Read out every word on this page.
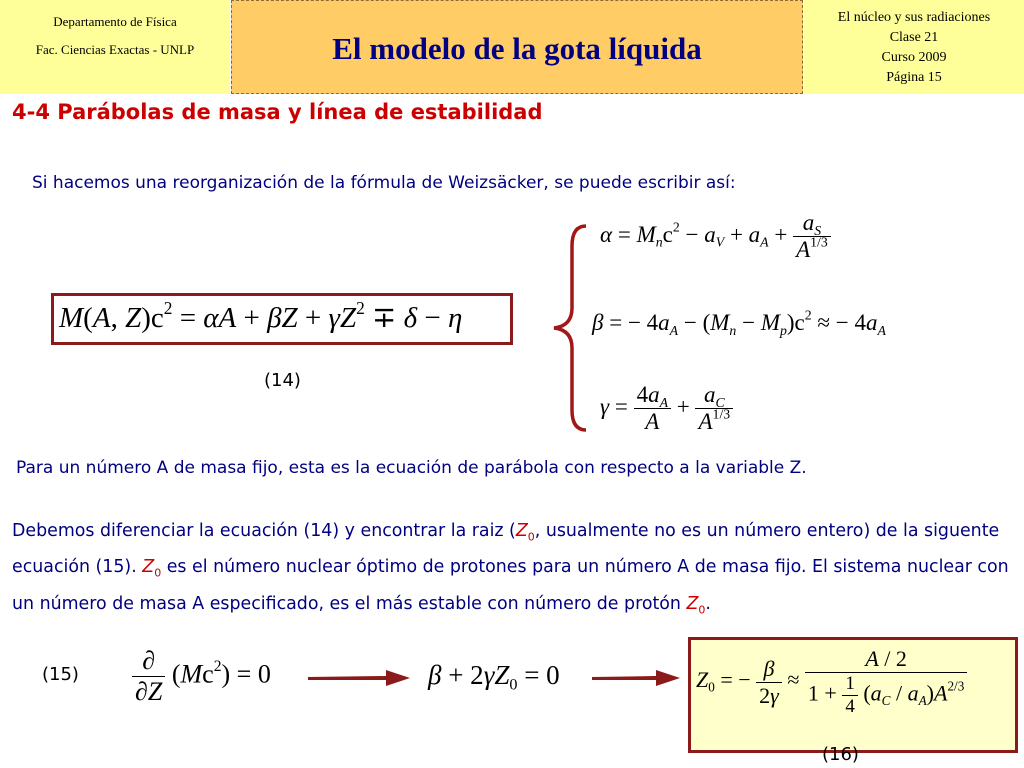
Departamento de Física
Fac. Ciencias Exactas - UNLP	El modelo de la gota líquida
El núcleo y sus radiaciones
Clase 21
Curso 2009
Página 15
4-4 Parábolas de masa y línea de estabilidad
Si hacemos una reorganización de la fórmula de Weizsäcker, se puede escribir así:
M(A, $Z)c^2 = \alpha A + \beta Z + \gamma Z^2 \mp \delta - \eta$
(14)
$\alpha = M_nc^2 - a_V + a_A + \frac{a_S}{A^{1/3}}$
β = − $4a_A - (M_n - M_p)c^2$ ≈ − $4a_A$
$\gamma = \frac{4a_A}{A} + \frac{a_C}{A^{1/3}}$
Para un número A de masa fijo, esta es la ecuación de parábola con respecto a la variable Z.
Debemos diferenciar la ecuación (14) y encontrar la raiz ($Z_0$, usualmente no es un número entero) de la siguente ecuación (15). $Z_0$ es el número nuclear óptimo de protones para un número A de masa fijo. El sistema nuclear con un número de masa A especificado, es el más estable con número de protón $Z_0$.
$(15) \frac{\partial}{\partial Z} (Mc^2) = 0$	$\beta + 2\gamma Z_0 = 0$	$Z_0$ = − $\frac{\beta}{2\gamma} \approx \frac{A / 2}{1 + \frac{1}{4} (a_C / a_A)A^{2/3}}$
(16)
